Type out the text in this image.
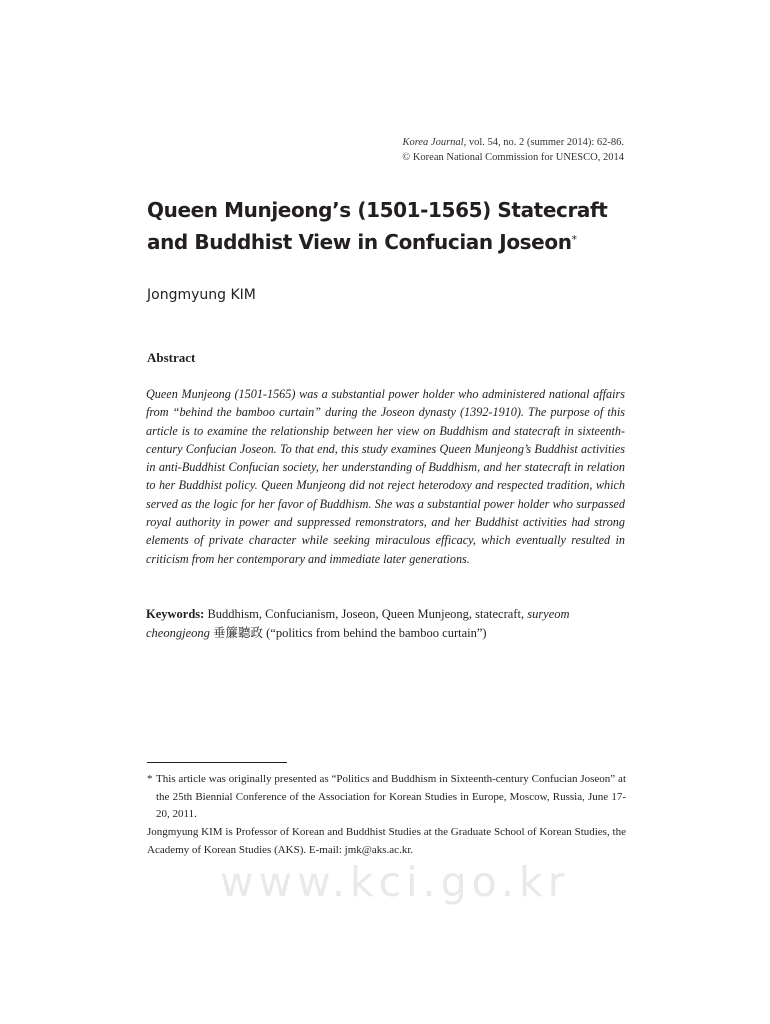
Korea Journal, vol. 54, no. 2 (summer 2014): 62-86.
© Korean National Commission for UNESCO, 2014
Queen Munjeong’s (1501-1565) Statecraft and Buddhist View in Confucian Joseon*
Jongmyung KIM
Abstract

Queen Munjeong (1501-1565) was a substantial power holder who administered national affairs from “behind the bamboo curtain” during the Joseon dynasty (1392-1910). The purpose of this article is to examine the relationship between her view on Buddhism and statecraft in sixteenth-century Confucian Joseon. To that end, this study examines Queen Munjeong’s Buddhist activities in anti-Buddhist Confucian society, her understanding of Buddhism, and her statecraft in relation to her Buddhist policy. Queen Munjeong did not reject heterodoxy and respected tradition, which served as the logic for her favor of Buddhism. She was a substantial power holder who surpassed royal authority in power and suppressed remonstrators, and her Buddhist activities had strong elements of private character while seeking miraculous efficacy, which eventually resulted in criticism from her contemporary and immediate later generations.

Keywords: Buddhism, Confucianism, Joseon, Queen Munjeong, statecraft, suryeom cheongjeong 垂簾聽政 (“politics from behind the bamboo curtain”)

* This article was originally presented as “Politics and Buddhism in Sixteenth-century Confucian Joseon” at the 25th Biennial Conference of the Association for Korean Studies in Europe, Moscow, Russia, June 17-20, 2011.

Jongmyung KIM is Professor of Korean and Buddhist Studies at the Graduate School of Korean Studies, the Academy of Korean Studies (AKS). E-mail: jmk@aks.ac.kr.

www.kci.go.kr
